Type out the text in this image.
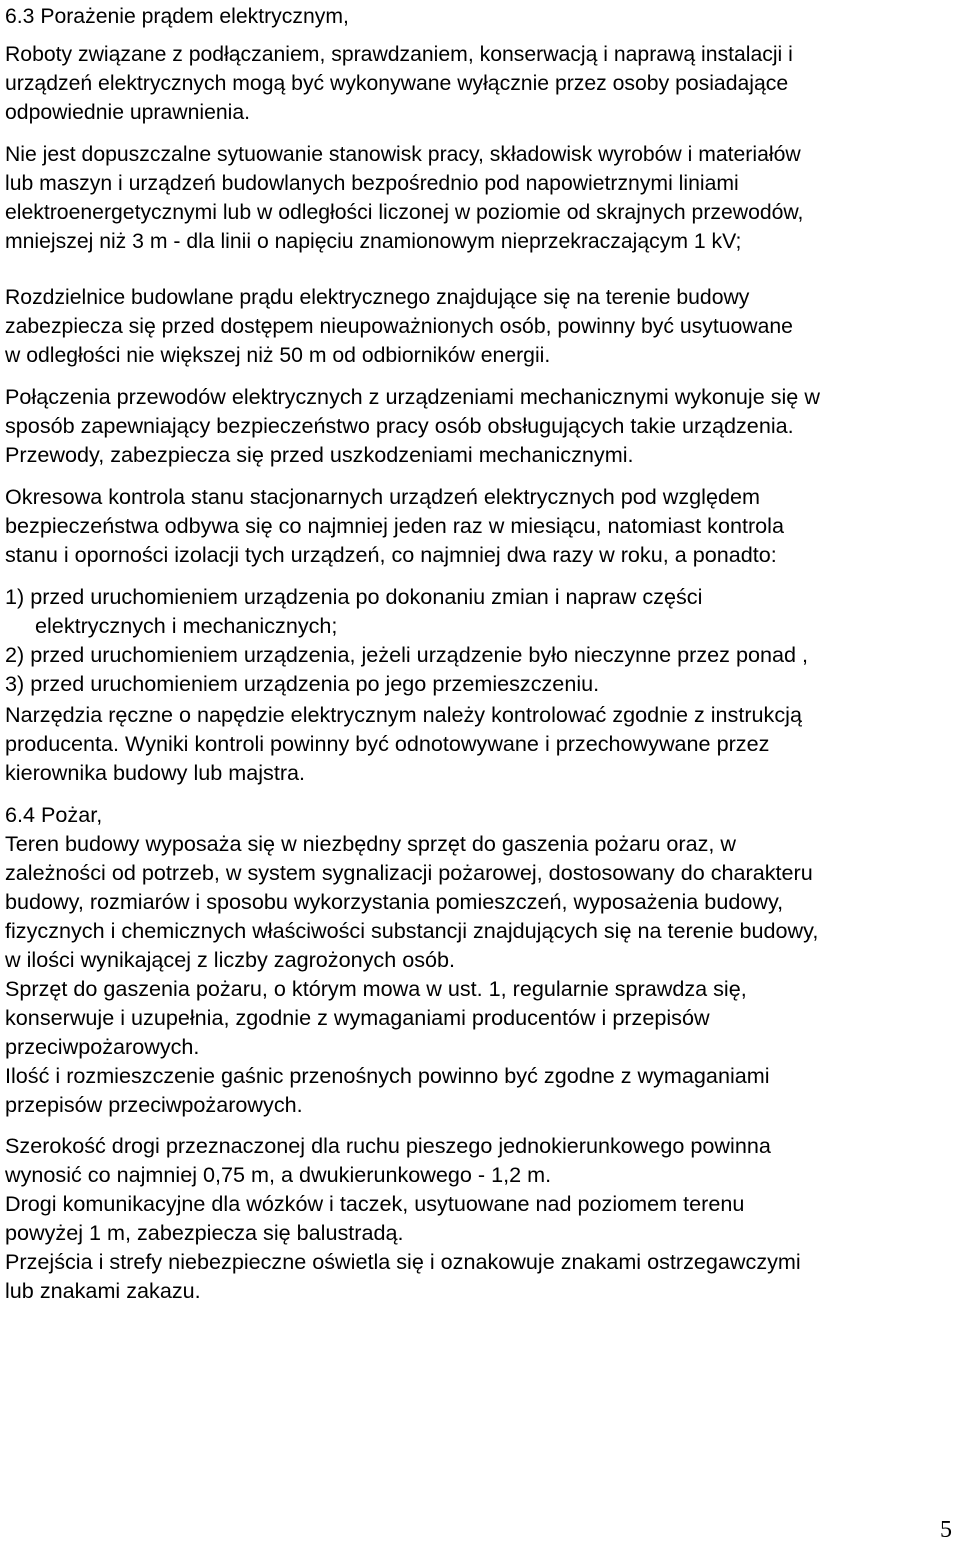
6.3 Porażenie prądem elektrycznym,
Roboty związane z podłączaniem, sprawdzaniem, konserwacją i naprawą instalacji i
urządzeń elektrycznych mogą być wykonywane wyłącznie przez osoby posiadające
odpowiednie uprawnienia.
Nie jest dopuszczalne sytuowanie stanowisk pracy, składowisk wyrobów i materiałów
lub maszyn i urządzeń budowlanych bezpośrednio pod napowietrznymi liniami
elektroenergetycznymi lub w odległości liczonej w poziomie od skrajnych przewodów,
mniejszej niż 3 m - dla linii o napięciu znamionowym nieprzekraczającym 1 kV;
Rozdzielnice budowlane prądu elektrycznego znajdujące się na terenie budowy
zabezpiecza się przed dostępem nieupoważnionych osób, powinny być usytuowane
w odległości nie większej niż 50 m od odbiorników energii.
Połączenia przewodów elektrycznych z urządzeniami mechanicznymi wykonuje się w
sposób zapewniający bezpieczeństwo pracy osób obsługujących takie urządzenia.
Przewody, zabezpiecza się przed uszkodzeniami mechanicznymi.
Okresowa kontrola stanu stacjonarnych urządzeń elektrycznych pod względem
bezpieczeństwa odbywa się co najmniej jeden raz w miesiącu, natomiast kontrola
stanu i oporności izolacji tych urządzeń, co najmniej dwa razy w roku, a ponadto:
1) przed uruchomieniem urządzenia po dokonaniu zmian i napraw części
elektrycznych i mechanicznych;
2) przed uruchomieniem urządzenia, jeżeli urządzenie było nieczynne przez ponad ,
3) przed uruchomieniem urządzenia po jego przemieszczeniu.
Narzędzia ręczne o napędzie elektrycznym należy kontrolować zgodnie z instrukcją
producenta. Wyniki kontroli powinny być odnotowywane i przechowywane przez
kierownika budowy lub majstra.
6.4 Pożar,
Teren budowy wyposaża się w niezbędny sprzęt do gaszenia pożaru oraz, w
zależności od potrzeb, w system sygnalizacji pożarowej, dostosowany do charakteru
budowy, rozmiarów i sposobu wykorzystania pomieszczeń, wyposażenia budowy,
fizycznych i chemicznych właściwości substancji znajdujących się na terenie budowy,
w ilości wynikającej z liczby zagrożonych osób.
Sprzęt do gaszenia pożaru, o którym mowa w ust. 1, regularnie sprawdza się,
konserwuje i uzupełnia, zgodnie z wymaganiami producentów i przepisów
przeciwpożarowych.
Ilość i rozmieszczenie gaśnic przenośnych powinno być zgodne z wymaganiami
przepisów przeciwpożarowych.
Szerokość drogi przeznaczonej dla ruchu pieszego jednokierunkowego powinna
wynosić co najmniej 0,75 m, a dwukierunkowego - 1,2 m.
Drogi komunikacyjne dla wózków i taczek, usytuowane nad poziomem terenu
powyżej 1 m, zabezpiecza się balustradą.
Przejścia i strefy niebezpieczne oświetla się i oznakowuje znakami ostrzegawczymi
lub znakami zakazu.
5
